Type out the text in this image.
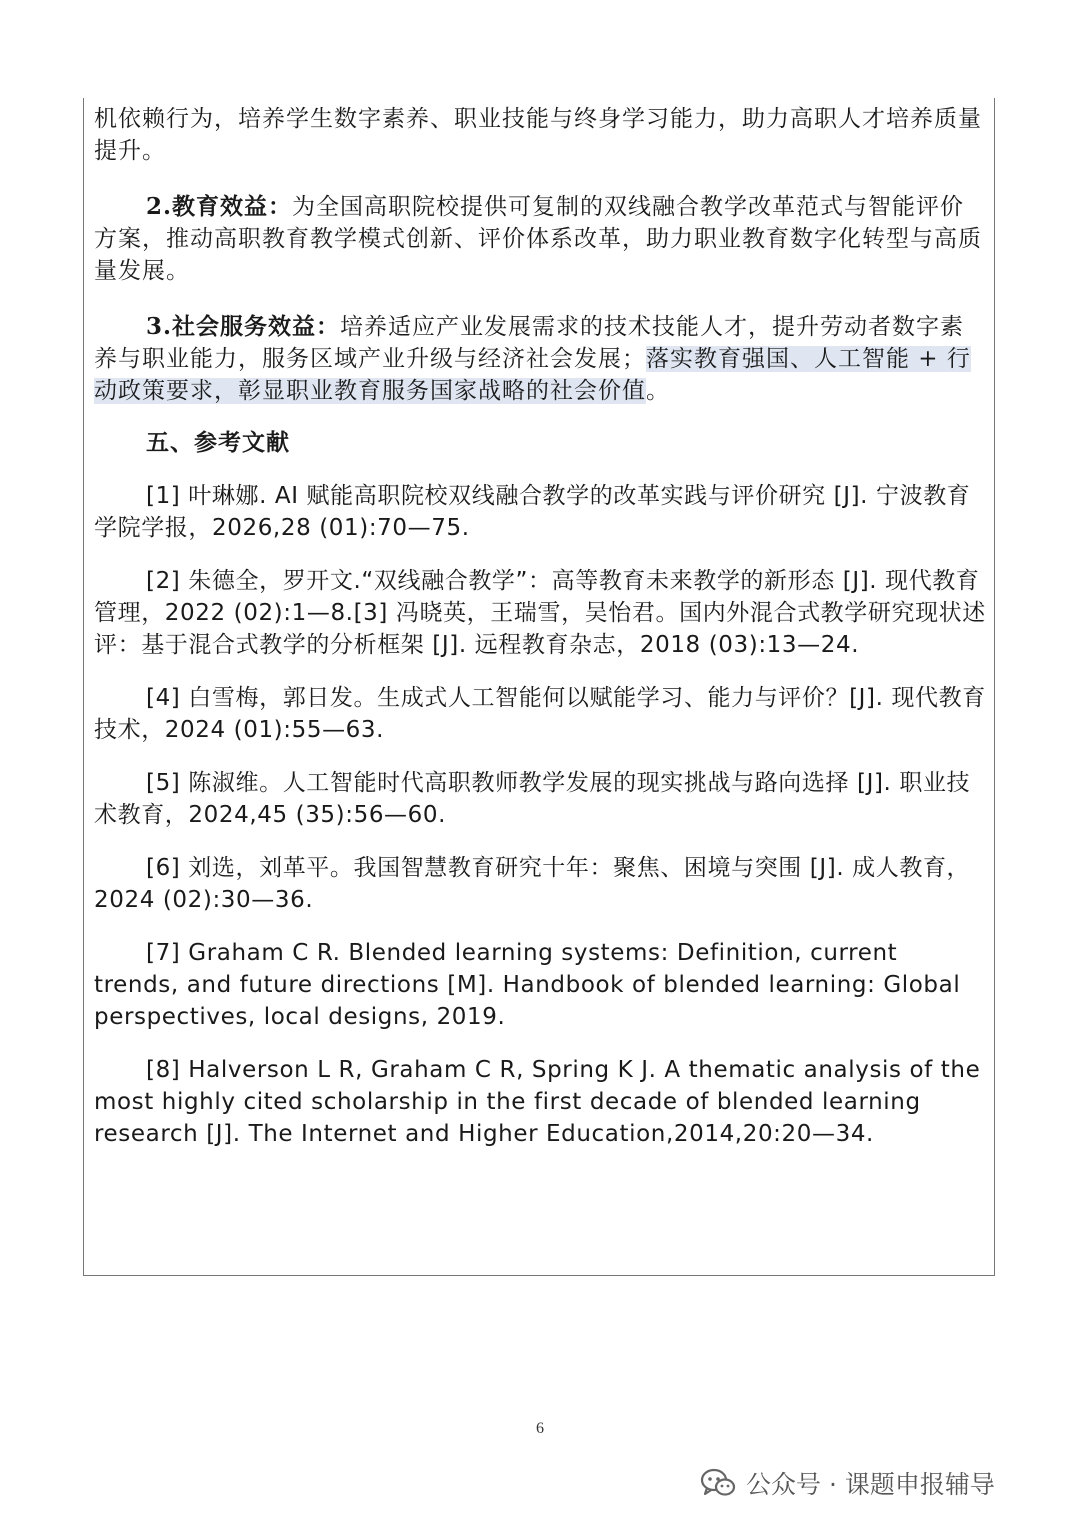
机依赖行为，培养学生数字素养、职业技能与终身学习能力，助力高职人才培养质量提升。

2.教育效益：为全国高职院校提供可复制的双线融合教学改革范式与智能评价方案，推动高职教育教学模式创新、评价体系改革，助力职业教育数字化转型与高质量发展。

3.社会服务效益：培养适应产业发展需求的技术技能人才，提升劳动者数字素养与职业能力，服务区域产业升级与经济社会发展；落实教育强国、人工智能 + 行动政策要求，彰显职业教育服务国家战略的社会价值。

五、参考文献

[1] 叶琳娜. AI 赋能高职院校双线融合教学的改革实践与评价研究 [J]. 宁波教育学院学报，2026,28 (01):70—75.

[2] 朱德全，罗开文.“双线融合教学”：高等教育未来教学的新形态 [J]. 现代教育管理，2022 (02):1—8.[3] 冯晓英，王瑞雪，吴怡君。国内外混合式教学研究现状述评：基于混合式教学的分析框架 [J]. 远程教育杂志，2018 (03):13—24.

[4] 白雪梅，郭日发。生成式人工智能何以赋能学习、能力与评价？[J]. 现代教育技术，2024 (01):55—63.

[5] 陈淑维。人工智能时代高职教师教学发展的现实挑战与路向选择 [J]. 职业技术教育，2024,45 (35):56—60.

[6] 刘选，刘革平。我国智慧教育研究十年：聚焦、困境与突围 [J]. 成人教育，2024 (02):30—36.

[7] Graham C R. Blended learning systems: Definition, current trends, and future directions [M]. Handbook of blended learning: Global perspectives, local designs, 2019.

[8] Halverson L R, Graham C R, Spring K J. A thematic analysis of the most highly cited scholarship in the first decade of blended learning research [J]. The Internet and Higher Education,2014,20:20—34.

6
公众号 · 课题申报辅导
